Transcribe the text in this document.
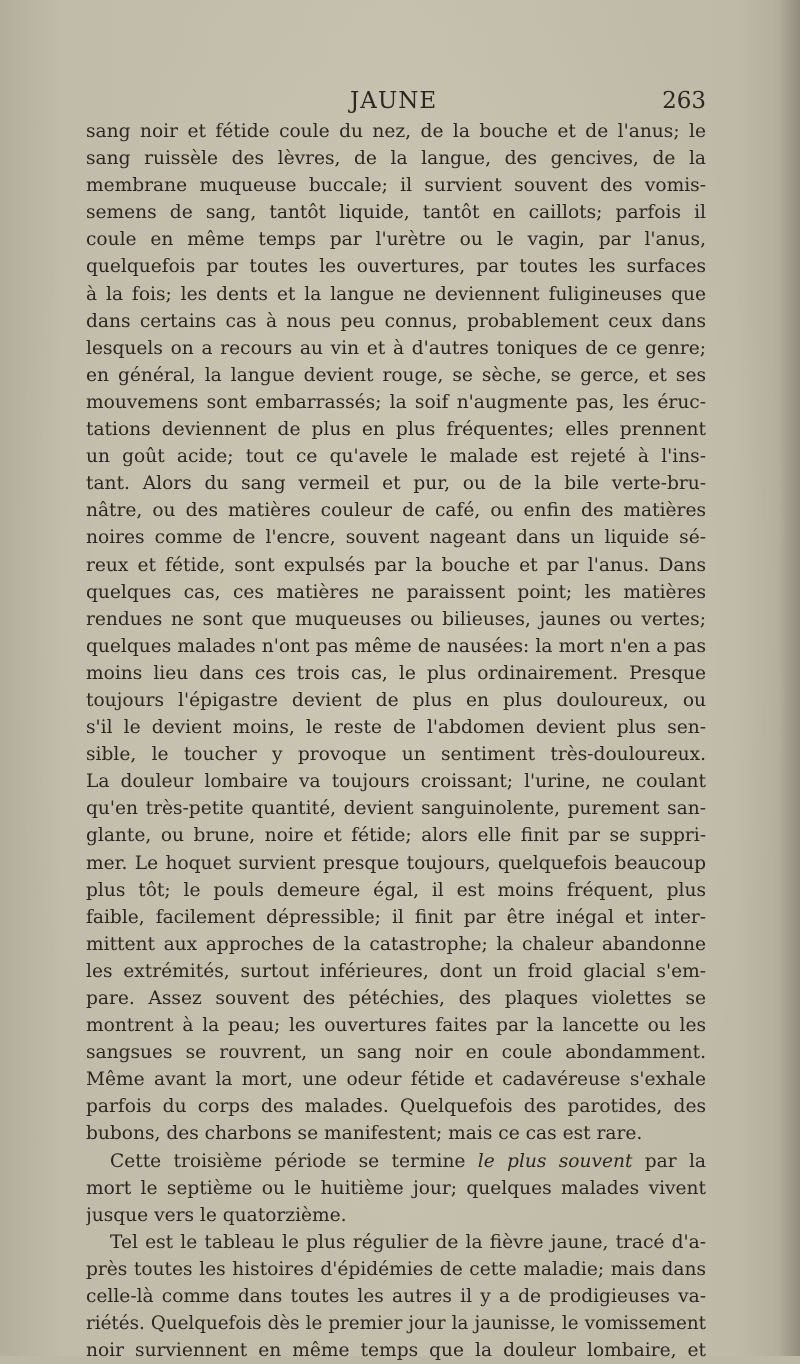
JAUNE	263
sang noir et fétide coule du nez, de la bouche et de l'anus; le
sang ruissèle des lèvres, de la langue, des gencives, de la
membrane muqueuse buccale; il survient souvent des vomis-
semens de sang, tantôt liquide, tantôt en caillots; parfois il
coule en même temps par l'urètre ou le vagin, par l'anus,
quelquefois par toutes les ouvertures, par toutes les surfaces
à la fois; les dents et la langue ne deviennent fuligineuses que
dans certains cas à nous peu connus, probablement ceux dans
lesquels on a recours au vin et à d'autres toniques de ce genre;
en général, la langue devient rouge, se sèche, se gerce, et ses
mouvemens sont embarrassés; la soif n'augmente pas, les éruc-
tations deviennent de plus en plus fréquentes; elles prennent
un goût acide; tout ce qu'avele le malade est rejeté à l'ins-
tant. Alors du sang vermeil et pur, ou de la bile verte-bru-
nâtre, ou des matières couleur de café, ou enfin des matières
noires comme de l'encre, souvent nageant dans un liquide sé-
reux et fétide, sont expulsés par la bouche et par l'anus. Dans
quelques cas, ces matières ne paraissent point; les matières
rendues ne sont que muqueuses ou bilieuses, jaunes ou vertes;
quelques malades n'ont pas même de nausées: la mort n'en a pas
moins lieu dans ces trois cas, le plus ordinairement. Presque
toujours l'épigastre devient de plus en plus douloureux, ou
s'il le devient moins, le reste de l'abdomen devient plus sen-
sible, le toucher y provoque un sentiment très-douloureux.
La douleur lombaire va toujours croissant; l'urine, ne coulant
qu'en très-petite quantité, devient sanguinolente, purement san-
glante, ou brune, noire et fétide; alors elle finit par se suppri-
mer. Le hoquet survient presque toujours, quelquefois beaucoup
plus tôt; le pouls demeure égal, il est moins fréquent, plus
faible, facilement dépressible; il finit par être inégal et inter-
mittent aux approches de la catastrophe; la chaleur abandonne
les extrémités, surtout inférieures, dont un froid glacial s'em-
pare. Assez souvent des pétéchies, des plaques violettes se
montrent à la peau; les ouvertures faites par la lancette ou les
sangsues se rouvrent, un sang noir en coule abondamment.
Même avant la mort, une odeur fétide et cadavéreuse s'exhale
parfois du corps des malades. Quelquefois des parotides, des
bubons, des charbons se manifestent; mais ce cas est rare.
Cette troisième période se termine le plus souvent par la
mort le septième ou le huitième jour; quelques malades vivent
jusque vers le quatorzième.
Tel est le tableau le plus régulier de la fièvre jaune, tracé d'a-
près toutes les histoires d'épidémies de cette maladie; mais dans
celle-là comme dans toutes les autres il y a de prodigieuses va-
riétés. Quelquefois dès le premier jour la jaunisse, le vomissement
noir surviennent en même temps que la douleur lombaire, et
